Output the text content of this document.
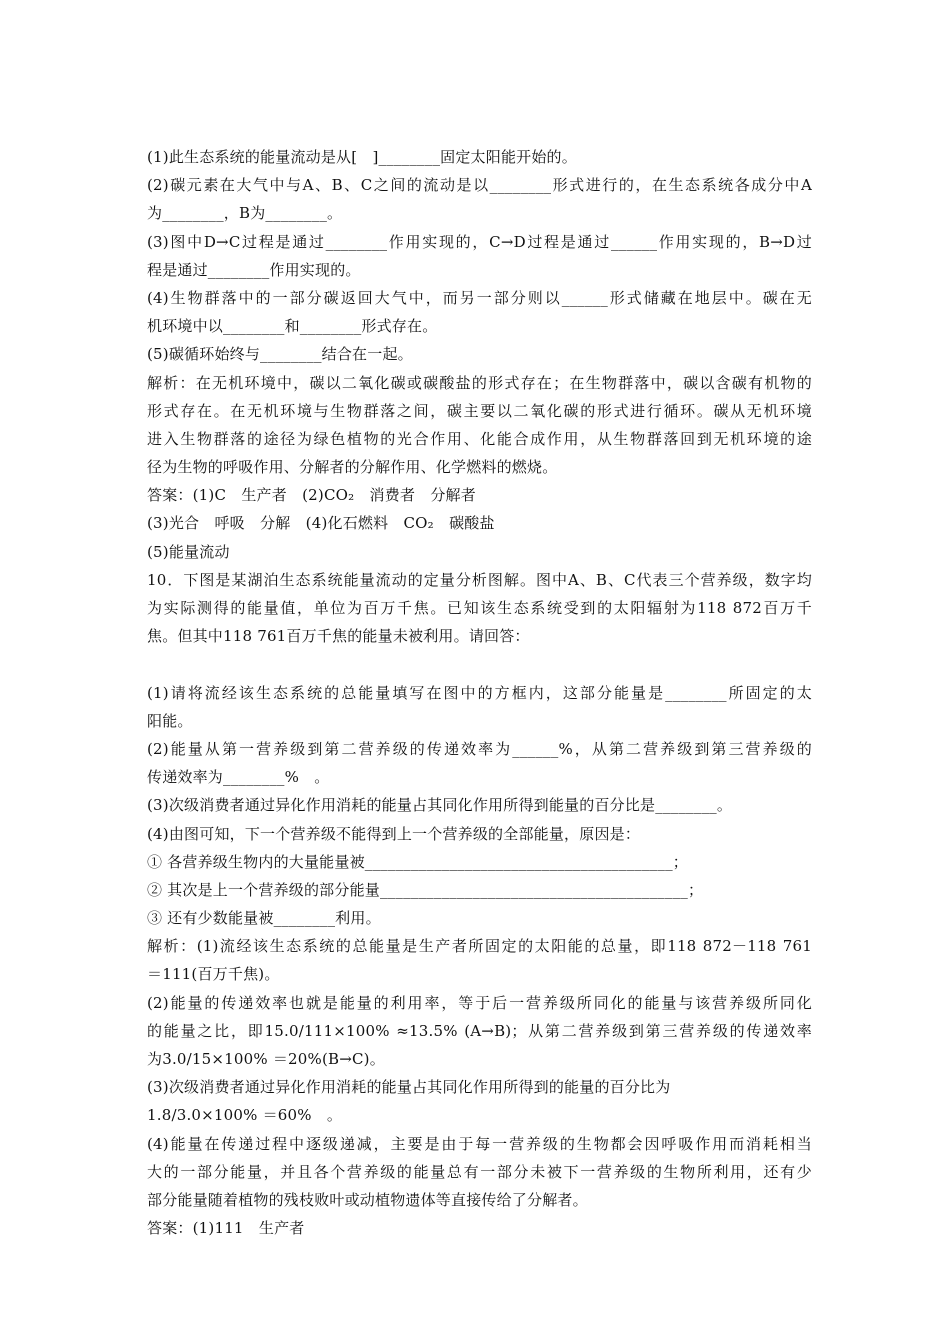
(1)此生态系统的能量流动是从[　]________固定太阳能开始的。
(2)碳元素在大气中与A、B、C之间的流动是以________形式进行的，在生态系统各成分中A
为________，B为________。
(3)图中D→C过程是通过________作用实现的，C→D过程是通过______作用实现的，B→D过
程是通过________作用实现的。
(4)生物群落中的一部分碳返回大气中，而另一部分则以______形式储藏在地层中。碳在无
机环境中以________和________形式存在。
(5)碳循环始终与________结合在一起。
解析：在无机环境中，碳以二氧化碳或碳酸盐的形式存在；在生物群落中，碳以含碳有机物的
形式存在。在无机环境与生物群落之间，碳主要以二氧化碳的形式进行循环。碳从无机环境
进入生物群落的途径为绿色植物的光合作用、化能合成作用，从生物群落回到无机环境的途
径为生物的呼吸作用、分解者的分解作用、化学燃料的燃烧。
答案：(1)C　生产者　(2)CO₂　消费者　分解者
(3)光合　呼吸　分解　(4)化石燃料　CO₂　碳酸盐
(5)能量流动
10．下图是某湖泊生态系统能量流动的定量分析图解。图中A、B、C代表三个营养级，数字均
为实际测得的能量值，单位为百万千焦。已知该生态系统受到的太阳辐射为118 872百万千
焦。但其中118 761百万千焦的能量未被利用。请回答：
(1)请将流经该生态系统的总能量填写在图中的方框内，这部分能量是________所固定的太
阳能。
(2)能量从第一营养级到第二营养级的传递效率为______%，从第二营养级到第三营养级的
传递效率为________%　。
(3)次级消费者通过异化作用消耗的能量占其同化作用所得到能量的百分比是________。
(4)由图可知，下一个营养级不能得到上一个营养级的全部能量，原因是：
① 各营养级生物内的大量能量被________________________________________；
② 其次是上一个营养级的部分能量________________________________________；
③ 还有少数能量被________利用。
解析：(1)流经该生态系统的总能量是生产者所固定的太阳能的总量，即118 872－118 761
＝111(百万千焦)。
(2)能量的传递效率也就是能量的利用率，等于后一营养级所同化的能量与该营养级所同化
的能量之比，即15.0/111×100% ≈13.5% (A→B)；从第二营养级到第三营养级的传递效率
为3.0/15×100% ＝20%(B→C)。
(3)次级消费者通过异化作用消耗的能量占其同化作用所得到的能量的百分比为
1.8/3.0×100% ＝60%　。
(4)能量在传递过程中逐级递减，主要是由于每一营养级的生物都会因呼吸作用而消耗相当
大的一部分能量，并且各个营养级的能量总有一部分未被下一营养级的生物所利用，还有少
部分能量随着植物的残枝败叶或动植物遗体等直接传给了分解者。
答案：(1)111　生产者
